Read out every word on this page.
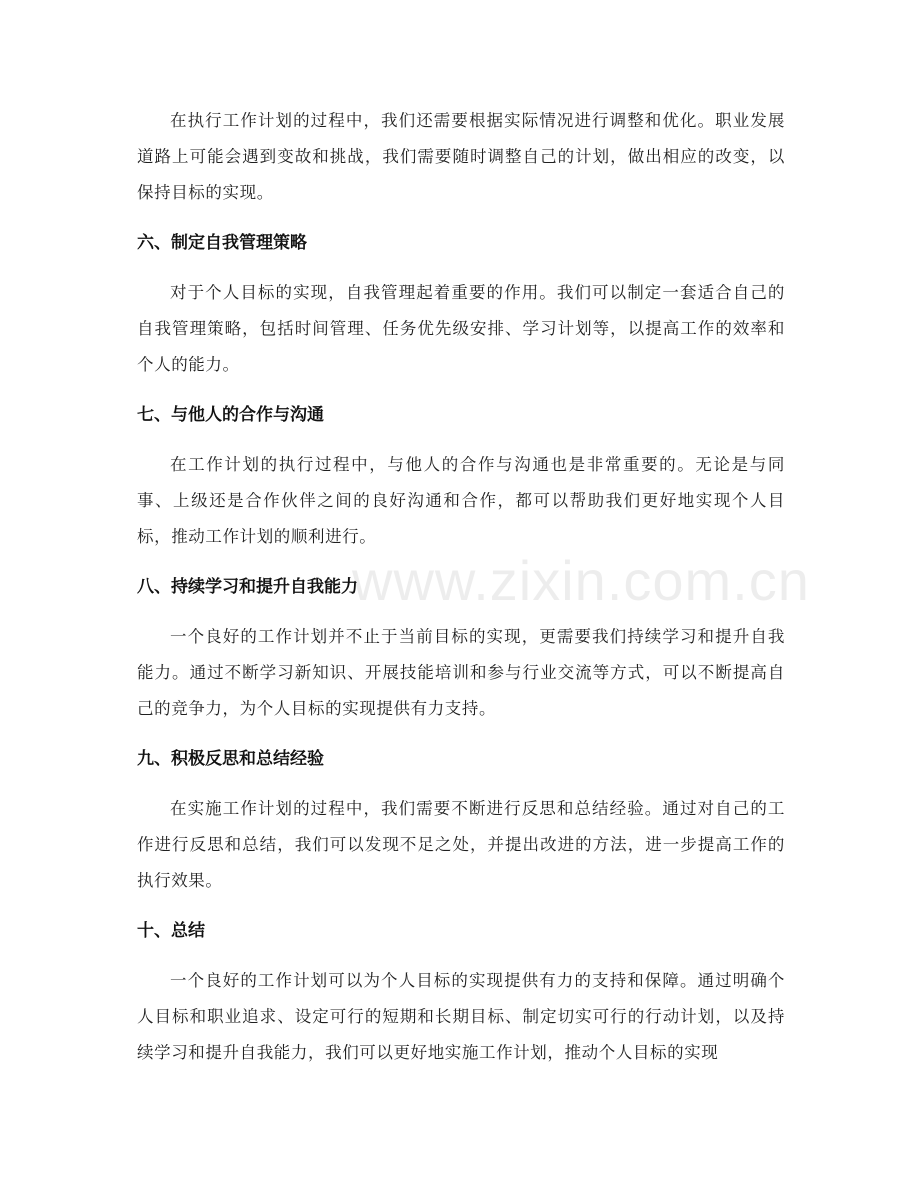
www.zixin.com.cn

在执行工作计划的过程中，我们还需要根据实际情况进行调整和优化。职业发展道路上可能会遇到变故和挑战，我们需要随时调整自己的计划，做出相应的改变，以保持目标的实现。

六、制定自我管理策略

对于个人目标的实现，自我管理起着重要的作用。我们可以制定一套适合自己的自我管理策略，包括时间管理、任务优先级安排、学习计划等，以提高工作的效率和个人的能力。

七、与他人的合作与沟通

在工作计划的执行过程中，与他人的合作与沟通也是非常重要的。无论是与同事、上级还是合作伙伴之间的良好沟通和合作，都可以帮助我们更好地实现个人目标，推动工作计划的顺利进行。

八、持续学习和提升自我能力

一个良好的工作计划并不止于当前目标的实现，更需要我们持续学习和提升自我能力。通过不断学习新知识、开展技能培训和参与行业交流等方式，可以不断提高自己的竞争力，为个人目标的实现提供有力支持。

九、积极反思和总结经验

在实施工作计划的过程中，我们需要不断进行反思和总结经验。通过对自己的工作进行反思和总结，我们可以发现不足之处，并提出改进的方法，进一步提高工作的执行效果。

十、总结

一个良好的工作计划可以为个人目标的实现提供有力的支持和保障。通过明确个人目标和职业追求、设定可行的短期和长期目标、制定切实可行的行动计划，以及持续学习和提升自我能力，我们可以更好地实施工作计划，推动个人目标的实现
